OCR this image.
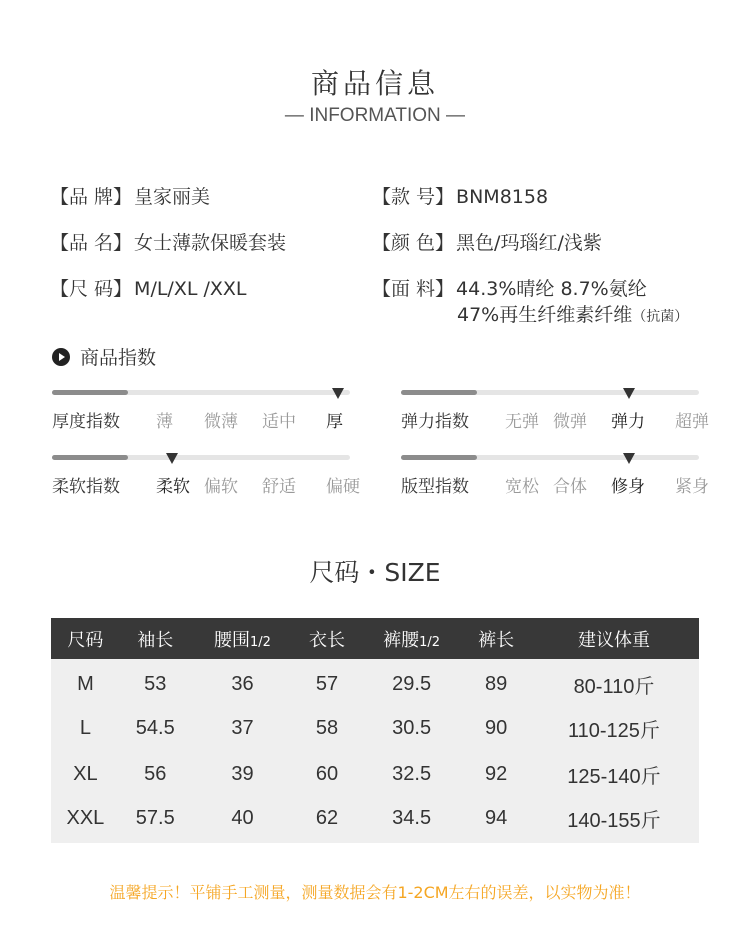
商品信息
— INFORMATION —
【品 牌】 皇家丽美	【款 号】 BNM8158
【品 名】 女士薄款保暖套装	【颜 色】 黑色/玛瑙红/浅紫
【尺 码】 M/L/XL /XXL	【面 料】 44.3%晴纶 8.7%氨纶
47%再生纤维素纤维（抗菌）
商品指数
厚度指数 薄 微薄 适中 厚	弹力指数 无弹 微弹 弹力 超弹
柔软指数 柔软 偏软 舒适 偏硬 版型指数 宽松 合体 修身 紧身
尺码・SIZE
尺码	袖长	腰围1/2	衣长	裤腰1/2	裤长	建议体重
M	53	36	57	29.5	89	80-110斤
L	54.5	37	58	30.5	90	110-125斤
XL	56	39	60	32.5	92	125-140斤
XXL	57.5	40	62	34.5	94	140-155斤
温馨提示！平铺手工测量，测量数据会有1-2CM左右的误差，以实物为准！
